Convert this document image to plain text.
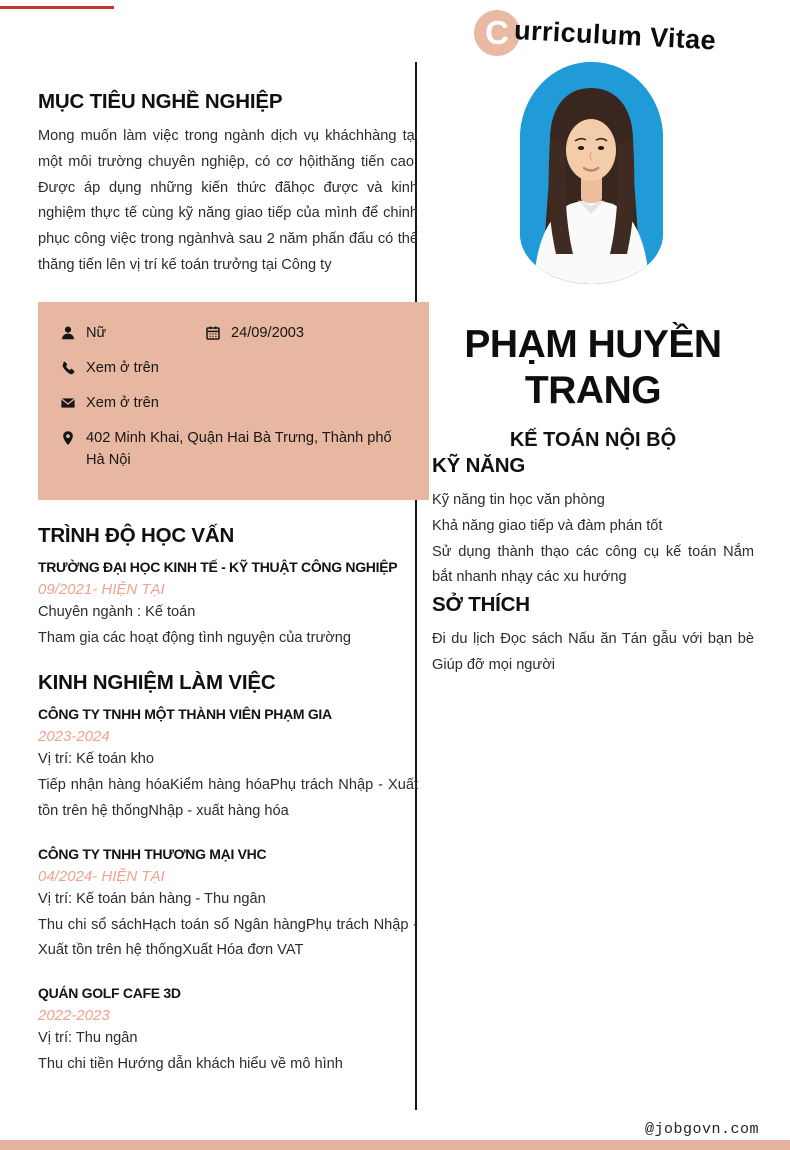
C urriculum Vitae
MỤC TIÊU NGHỀ NGHIỆP
Mong muốn làm việc trong ngành dịch vụ kháchhàng tại một môi trường chuyên nghiệp, có cơ hộithăng tiến cao. Được áp dụng những kiến thức đãhọc được và kinh nghiệm thực tế cùng kỹ năng giao tiếp của mình để chinh phục công việc trong ngànhvà sau 2 năm phấn đấu có thể thăng tiến lên vị trí kế toán trưởng tại Công ty
Nữ	24/09/2003
Xem ở trên
Xem ở trên
402 Minh Khai, Quận Hai Bà Trưng, Thành phố Hà Nội
TRÌNH ĐỘ HỌC VẤN
TRƯỜNG ĐẠI HỌC KINH TẾ - KỸ THUẬT CÔNG NGHIỆP
09/2021- HIỆN TẠI
Chuyên ngành : Kế toán
Tham gia các hoạt động tình nguyện của trường
KINH NGHIỆM LÀM VIỆC
CÔNG TY TNHH MỘT THÀNH VIÊN PHẠM GIA
2023-2024
Vị trí: Kế toán kho
Tiếp nhận hàng hóaKiểm hàng hóaPhụ trách Nhập - Xuất tồn trên hệ thốngNhập - xuất hàng hóa
CÔNG TY TNHH THƯƠNG MẠI VHC
04/2024- HIỆN TẠI
Vị trí: Kế toán bán hàng - Thu ngân
Thu chi sổ sáchHạch toán sổ Ngân hàngPhụ trách Nhập - Xuất tồn trên hệ thốngXuất Hóa đơn VAT
QUÁN GOLF CAFE 3D
2022-2023
Vị trí: Thu ngân
Thu chi tiền Hướng dẫn khách hiểu về mô hình
PHẠM HUYỀN TRANG
KẾ TOÁN NỘI BỘ
KỸ NĂNG
Kỹ năng tin học văn phòng
Khả năng giao tiếp và đàm phán tốt
Sử dụng thành thạo các công cụ kế toán Nắm bắt nhanh nhạy các xu hướng
SỞ THÍCH
Đi du lịch Đọc sách Nấu ăn Tán gẫu với bạn bè Giúp đỡ mọi người
@jobgovn.com
